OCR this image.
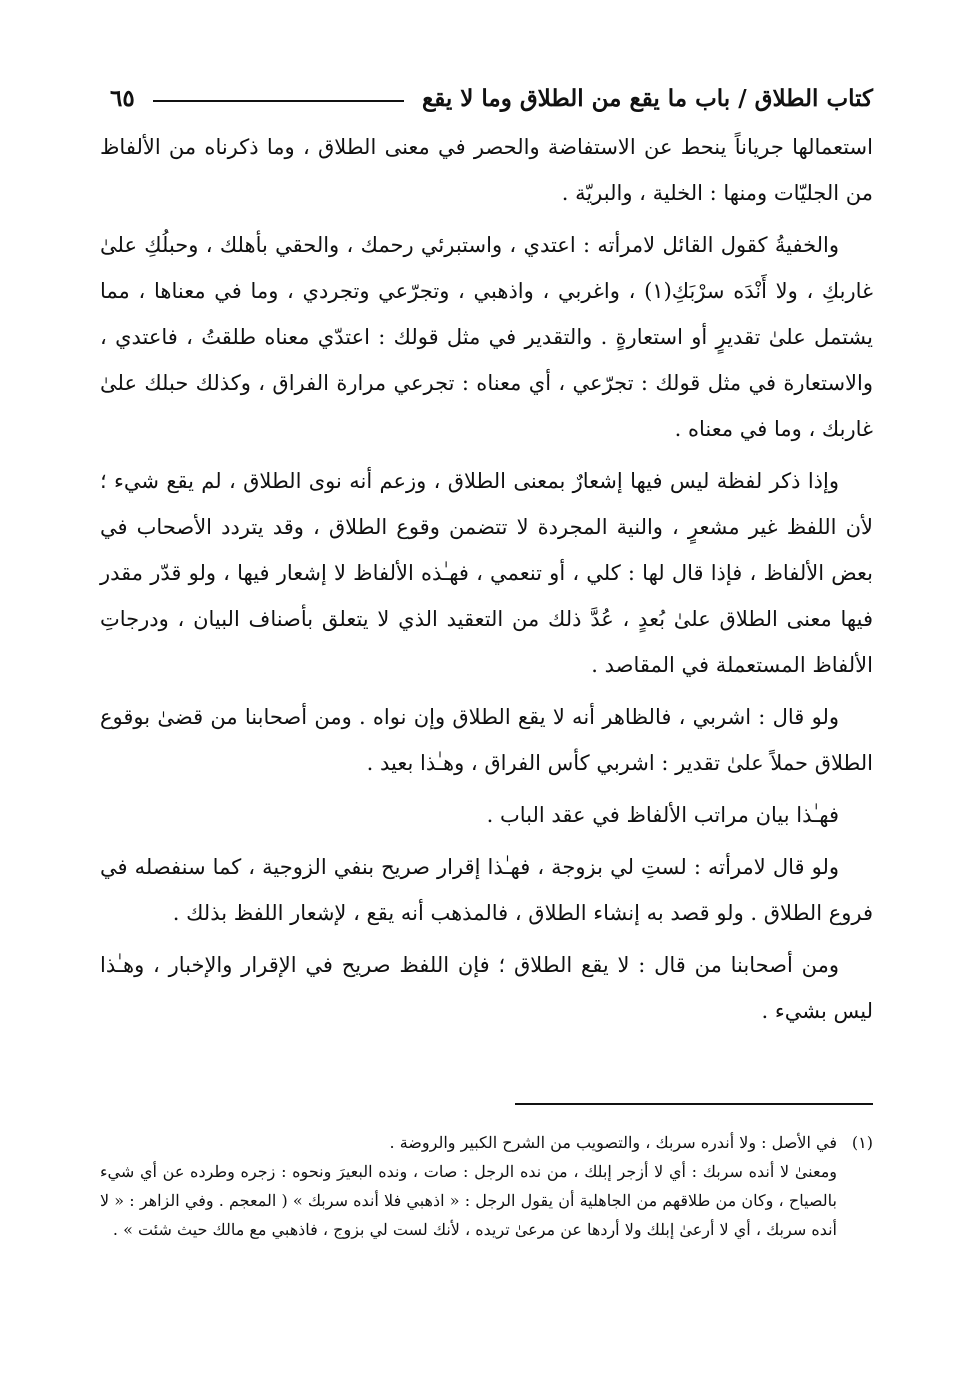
كتاب الطلاق / باب ما يقع من الطلاق وما لا يقع
٦٥

استعمالها جرياناً ينحط عن الاستفاضة والحصر في معنى الطلاق ، وما ذكرناه من الألفاظ من الجليّات ومنها : الخلية ، والبريّة .

والخفيةُ كقول القائل لامرأته : اعتدي ، واستبرئي رحمك ، والحقي بأهلك ، وحبلُكِ علىٰ غاربكِ ، ولا أَنْدَه سرْبَكِ(١) ، واغربي ، واذهبي ، وتجرّعي وتجردي ، وما في معناها ، مما يشتمل علىٰ تقديرٍ أو استعارةٍ . والتقدير في مثل قولك : اعتدّي معناه طلقتُ ، فاعتدي ، والاستعارة في مثل قولك : تجرّعي ، أي معناه : تجرعي مرارة الفراق ، وكذلك حبلك علىٰ غاربك ، وما في معناه .

وإذا ذكر لفظة ليس فيها إشعارٌ بمعنى الطلاق ، وزعم أنه نوى الطلاق ، لم يقع شيء ؛ لأن اللفظ غير مشعرٍ ، والنية المجردة لا تتضمن وقوع الطلاق ، وقد يتردد الأصحاب في بعض الألفاظ ، فإذا قال لها : كلي ، أو تنعمي ، فهـٰذه الألفاظ لا إشعار فيها ، ولو قدّر مقدر فيها معنى الطلاق علىٰ بُعدٍ ، عُدَّ ذلك من التعقيد الذي لا يتعلق بأصناف البيان ، ودرجاتِ الألفاظ المستعملة في المقاصد .

ولو قال : اشربي ، فالظاهر أنه لا يقع الطلاق وإن نواه . ومن أصحابنا من قضىٰ بوقوع الطلاق حملاً علىٰ تقدير : اشربي كأس الفراق ، وهـٰذا بعيد .

فهـٰذا بيان مراتب الألفاظ في عقد الباب .

ولو قال لامرأته : لستِ لي بزوجة ، فهـٰذا إقرار صريح بنفي الزوجية ، كما سنفصله في فروع الطلاق . ولو قصد به إنشاء الطلاق ، فالمذهب أنه يقع ، لإشعار اللفظ بذلك .

ومن أصحابنا من قال : لا يقع الطلاق ؛ فإن اللفظ صريح في الإقرار والإخبار ، وهـٰذا ليس بشيء .

(١)في الأصل : ولا أندره سربك ، والتصويب من الشرح الكبير والروضة .

ومعنىٰ لا أنده سربك : أي لا أزجر إبلك ، من نده الرجل : صات ، ونده البعيرَ ونحوه : زجره وطرده عن أي شيء بالصياح ، وكان من طلاقهم من الجاهلية أن يقول الرجل : « اذهبي فلا أنده سربك » ( المعجم . وفي الزاهر : « لا أنده سربك ، أي لا أرعىٰ إبلك ولا أردها عن مرعىٰ تريده ، لأنك لست لي بزوج ، فاذهبي مع مالك حيث شئت » .
